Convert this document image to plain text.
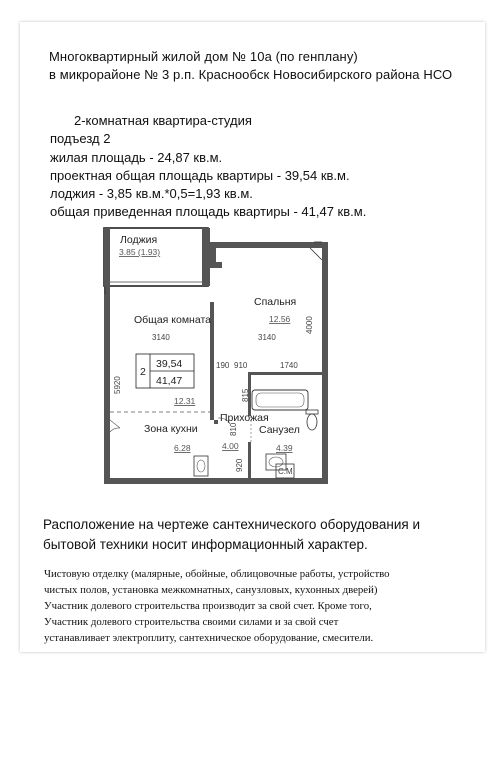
Многоквартирный жилой дом № 10а (по генплану)
в микрорайоне № 3 р.п. Краснообск Новосибирского района НСО
2-комнатная квартира-студия
подъезд 2
жилая площадь - 24,87 кв.м.
проектная общая площадь квартиры - 39,54 кв.м.
лоджия - 3,85 кв.м.*0,5=1,93 кв.м.
общая приведенная площадь квартиры - 41,47 кв.м.
2
39,54
41,47
Лоджия
3.85 (1.93)
Спальня
12.56
Общая комната
12.31
Зона кухни
6.28
Прихожая
4.00
Санузел
4.39
С.М.
3140	3140
4000
5920
190 910	1740
815
810
920
Расположение на чертеже сантехнического оборудования и
бытовой техники носит информационный характер.
Чистовую отделку (малярные, обойные, облицовочные работы, устройство
чистых полов, установка межкомнатных, санузловых, кухонных дверей)
Участник долевого строительства производит за свой счет. Кроме того,
Участник долевого строительства своими силами и за свой счет
устанавливает электроплиту, сантехническое оборудование, смесители.
